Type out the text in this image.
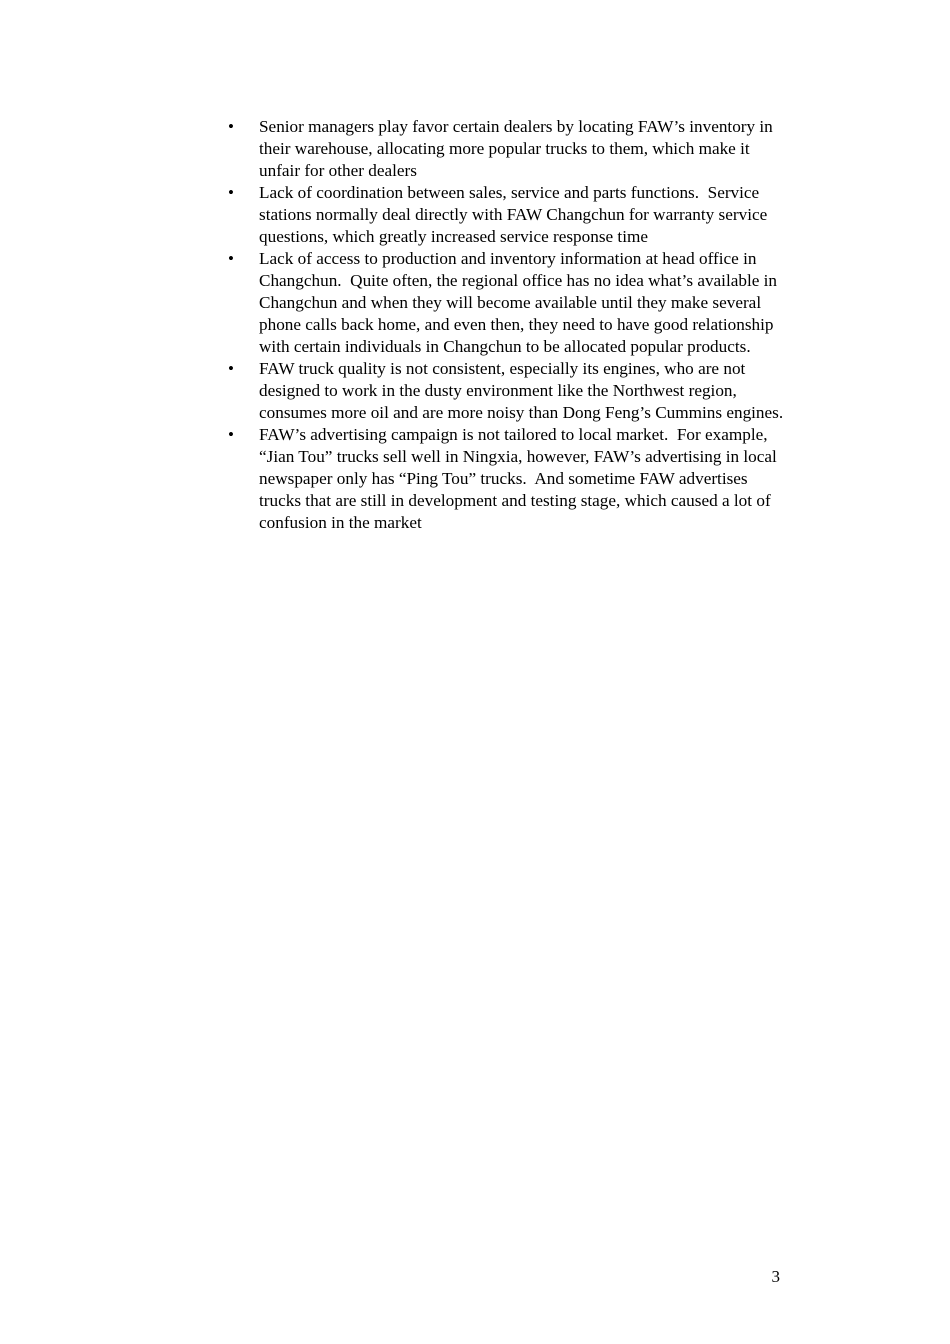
• Senior managers play favor certain dealers by locating FAW’s inventory in their warehouse, allocating more popular trucks to them, which make it unfair for other dealers
• Lack of coordination between sales, service and parts functions.  Service stations normally deal directly with FAW Changchun for warranty service questions, which greatly increased service response time
• Lack of access to production and inventory information at head office in Changchun.  Quite often, the regional office has no idea what’s available in Changchun and when they will become available until they make several phone calls back home, and even then, they need to have good relationship with certain individuals in Changchun to be allocated popular products.
• FAW truck quality is not consistent, especially its engines, who are not designed to work in the dusty environment like the Northwest region, consumes more oil and are more noisy than Dong Feng’s Cummins engines.
• FAW’s advertising campaign is not tailored to local market.  For example, “Jian Tou” trucks sell well in Ningxia, however, FAW’s advertising in local newspaper only has “Ping Tou” trucks.  And sometime FAW advertises trucks that are still in development and testing stage, which caused a lot of confusion in the market
3
